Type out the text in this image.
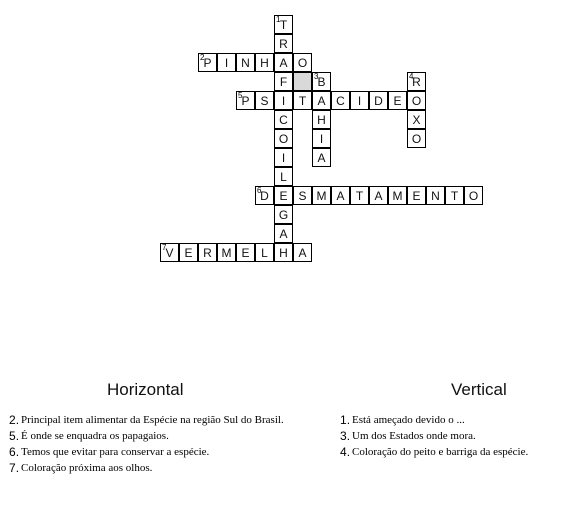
1 T
R
2 P	I	N H A O
F	3 B	4
R
5 P S	I	T A C	I	D E O
C	H	X
O	I	O
I	A
L
6
D E S M A T A M E N T O
G
A
7 V E R M E L H A
Horizontal	Vertical
2 . Principal item alimentar da Espécie na região Sul do Brasil.
5 . É onde se enquadra os papagaios.
6 . Temos que evitar para conservar a espécie.
7 . Coloração próxima aos olhos.
1 . Está ameçado devido o ...
3 . Um dos Estados onde mora.
4 . Coloração do peito e barriga da espécie.
